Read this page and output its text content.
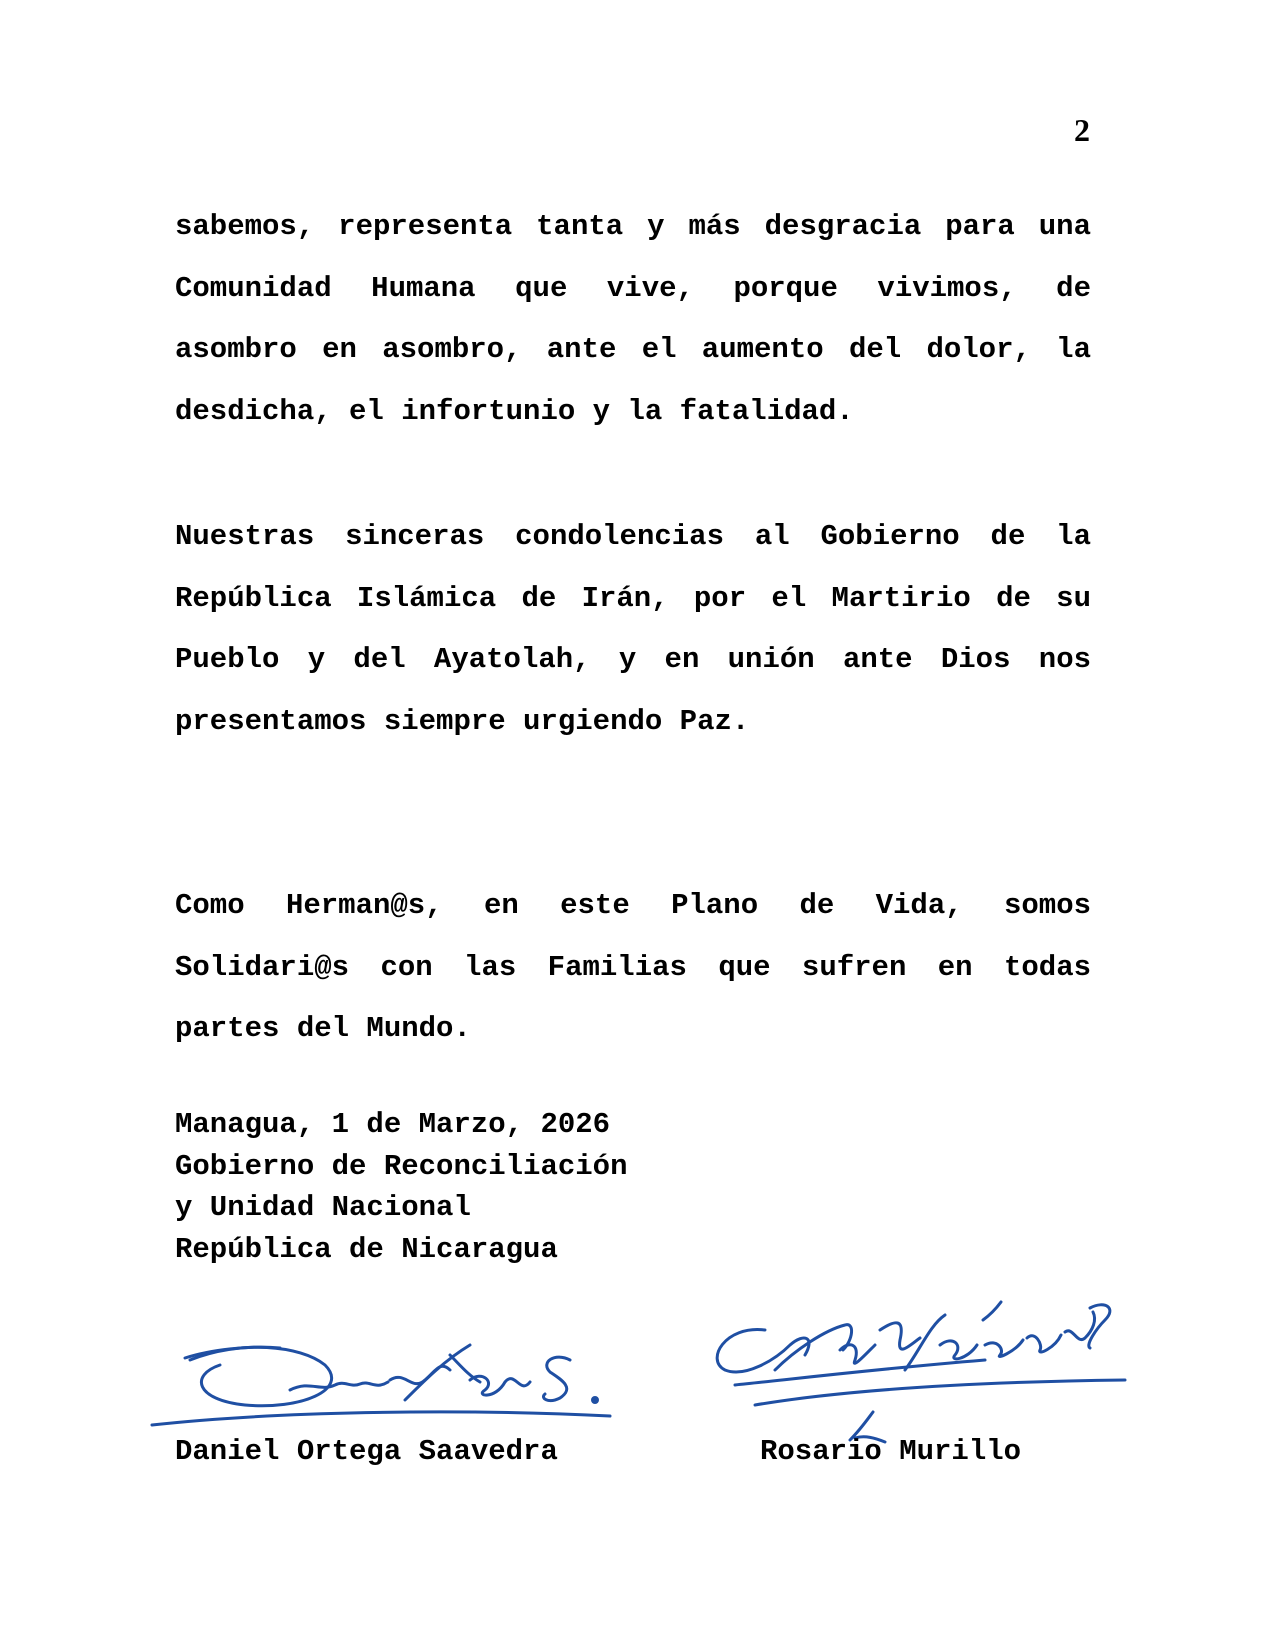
2

sabemos, representa tanta y más desgracia para una Comunidad Humana que vive, porque vivimos, de asombro en asombro, ante el aumento del dolor, la desdicha, el infortunio y la fatalidad.

Nuestras sinceras condolencias al Gobierno de la República Islámica de Irán, por el Martirio de su Pueblo y del Ayatolah, y en unión ante Dios nos presentamos siempre urgiendo Paz.

Como Herman@s, en este Plano de Vida, somos Solidari@s con las Familias que sufren en todas partes del Mundo.

Managua, 1 de Marzo, 2026
Gobierno de Reconciliación
y Unidad Nacional
República de Nicaragua
Daniel Ortega Saavedra	Rosario Murillo
